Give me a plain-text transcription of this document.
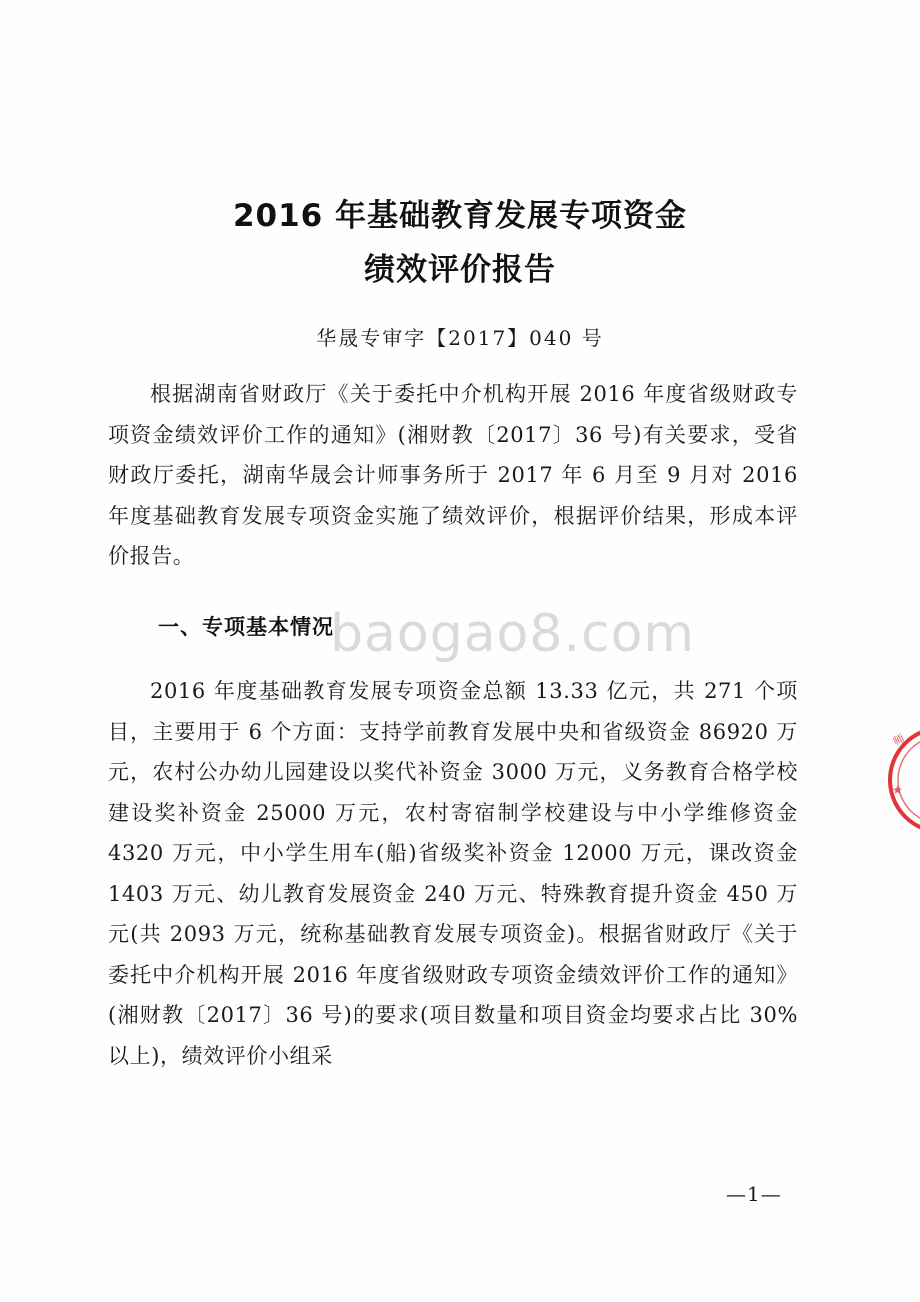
2016 年基础教育发展专项资金
绩效评价报告
华晟专审字【2017】040 号

根据湖南省财政厅《关于委托中介机构开展 2016 年度省级财政专项资金绩效评价工作的通知》(湘财教〔2017〕36 号)有关要求，受省财政厅委托，湖南华晟会计师事务所于 2017 年 6 月至 9 月对 2016 年度基础教育发展专项资金实施了绩效评价，根据评价结果，形成本评价报告。

一、专项基本情况
baogao8.com

2016 年度基础教育发展专项资金总额 13.33 亿元，共 271 个项目，主要用于 6 个方面：支持学前教育发展中央和省级资金 86920 万元，农村公办幼儿园建设以奖代补资金 3000 万元，义务教育合格学校建设奖补资金 25000 万元，农村寄宿制学校建设与中小学维修资金 4320 万元，中小学生用车(船)省级奖补资金 12000 万元，课改资金 1403 万元、幼儿教育发展资金 240 万元、特殊教育提升资金 450 万元(共 2093 万元，统称基础教育发展专项资金)。根据省财政厅《关于委托中介机构开展 2016 年度省级财政专项资金绩效评价工作的通知》(湘财教〔2017〕36 号)的要求(项目数量和项目资金均要求占比 30%以上)，绩效评价小组采

师
★
—1—
